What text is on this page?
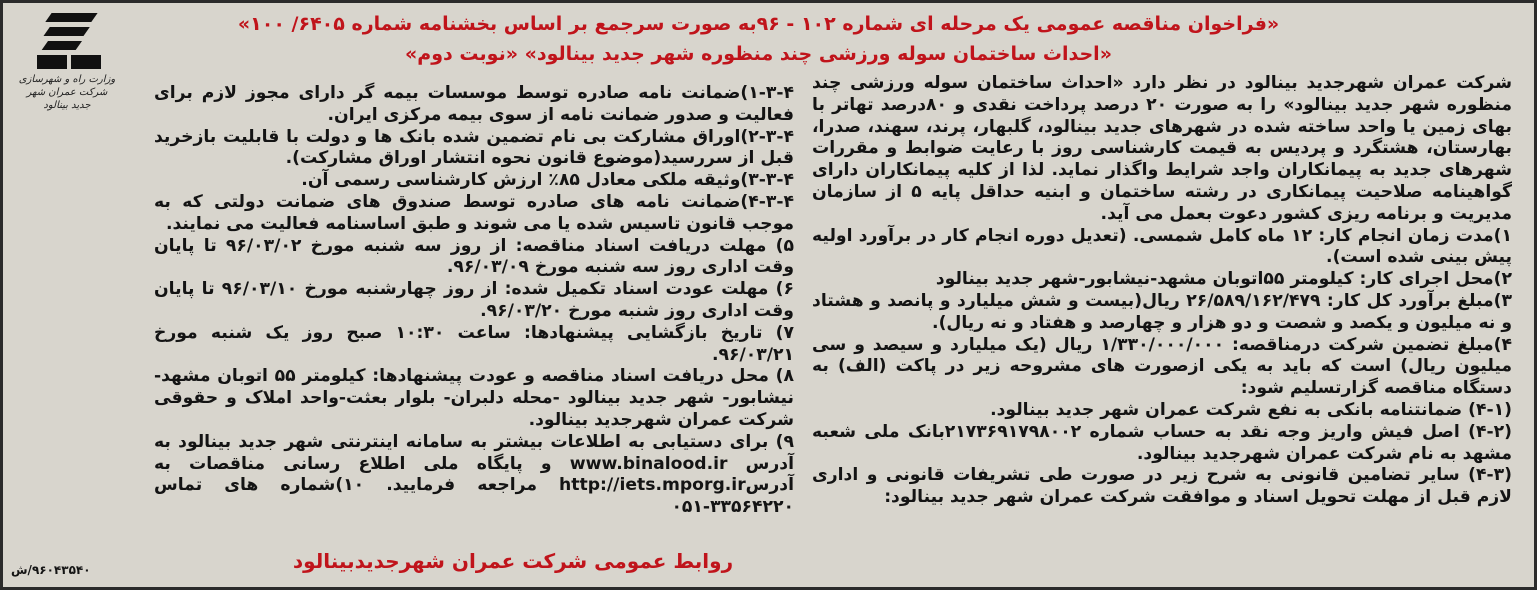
«فراخوان مناقصه عمومی یک مرحله ای شماره ۱۰۲ - ۹۶به صورت سرجمع بر اساس بخشنامه شماره ۶۴۰۵/ ۱۰۰»
«احداث ساختمان سوله ورزشی چند منظوره شهر جدید بینالود» «نوبت دوم»
وزارت راه و شهرسازی
شرکت عمران شهر جدید بینالود

شرکت عمران شهرجدید بینالود در نظر دارد «احداث ساختمان سوله ورزشی چند منظوره شهر جدید بینالود» را به صورت ۲۰ درصد پرداخت نقدی و ۸۰درصد تهاتر با بهای زمین یا واحد ساخته شده در شهرهای جدید بینالود، گلبهار، پرند، سهند، صدرا، بهارستان، هشتگرد و پردیس به قیمت کارشناسی روز با رعایت ضوابط و مقررات شهرهای جدید به پیمانکاران واجد شرایط واگذار نماید. لذا از کلیه پیمانکاران دارای گواهینامه صلاحیت پیمانکاری در رشته ساختمان و ابنیه حداقل پایه ۵ از سازمان مدیریت و برنامه ریزی کشور دعوت بعمل می آید.

۱)مدت زمان انجام کار: ۱۲ ماه کامل شمسی. (تعدیل دوره انجام کار در برآورد اولیه پیش بینی شده است).

۲)محل اجرای کار: کیلومتر ۵۵اتوبان مشهد-نیشابور-شهر جدید بینالود

۳)مبلغ برآورد کل کار: ۲۶/۵۸۹/۱۶۲/۴۷۹ ریال(بیست و شش میلیارد و پانصد و هشتاد و نه میلیون و یکصد و شصت و دو هزار و چهارصد و هفتاد و نه ریال).

۴)مبلغ تضمین شرکت درمناقصه: ۱/۳۳۰/۰۰۰/۰۰۰ ریال (یک میلیارد و سیصد و سی میلیون ریال) است که باید به یکی ازصورت های مشروحه زیر در پاکت (الف) به دستگاه مناقصه گزارتسلیم شود:

(۴-۱) ضمانتنامه بانکی به نفع شرکت عمران شهر جدید بینالود.

(۴-۲) اصل فیش واریز وجه نقد به حساب شماره ۲۱۷۳۶۹۱۷۹۸۰۰۲بانک ملی شعبه مشهد به نام شرکت عمران شهرجدید بینالود.

(۴-۳) سایر تضامین قانونی به شرح زیر در صورت طی تشریفات قانونی و اداری لازم قبل از مهلت تحویل اسناد و موافقت شرکت عمران شهر جدید بینالود:

۱-۳-۴)ضمانت نامه صادره توسط موسسات بیمه گر دارای مجوز لازم برای فعالیت و صدور ضمانت نامه از سوی بیمه مرکزی ایران.

۲-۳-۴)اوراق مشارکت بی نام تضمین شده بانک ها و دولت با قابلیت بازخرید قبل از سررسید(موضوع قانون نحوه انتشار اوراق مشارکت).

۳-۳-۴)وثیقه ملکی معادل ۸۵٪ ارزش کارشناسی رسمی آن.

۴-۳-۴)ضمانت نامه های صادره توسط صندوق های ضمانت دولتی که به موجب قانون تاسیس شده یا می شوند و طبق اساسنامه فعالیت می نمایند.

۵) مهلت دریافت اسناد مناقصه: از روز سه شنبه مورخ ۹۶/۰۳/۰۲ تا پایان وقت اداری روز سه شنبه مورخ ۹۶/۰۳/۰۹.

۶) مهلت عودت اسناد تکمیل شده: از روز چهارشنبه مورخ ۹۶/۰۳/۱۰ تا پایان وقت اداری روز شنبه مورخ ۹۶/۰۳/۲۰.

۷) تاریخ بازگشایی پیشنهادها: ساعت ۱۰:۳۰ صبح روز یک شنبه مورخ ۹۶/۰۳/۲۱.

۸) محل دریافت اسناد مناقصه و عودت پیشنهادها: کیلومتر ۵۵ اتوبان مشهد-نیشابور- شهر جدید بینالود -محله دلبران- بلوار بعثت-واحد املاک و حقوقی شرکت عمران شهرجدید بینالود.

۹) برای دستیابی به اطلاعات بیشتر به سامانه اینترنتی شهر جدید بینالود به آدرس www.binalood.ir و پایگاه ملی اطلاع رسانی مناقصات به آدرسhttp://iets.mporg.ir مراجعه فرمایید. ۱۰)شماره های تماس ۳۳۵۶۴۲۲۰-۰۵۱

روابط عمومی شرکت عمران شهرجدیدبینالود
۹۶۰۴۳۵۴۰/ش
